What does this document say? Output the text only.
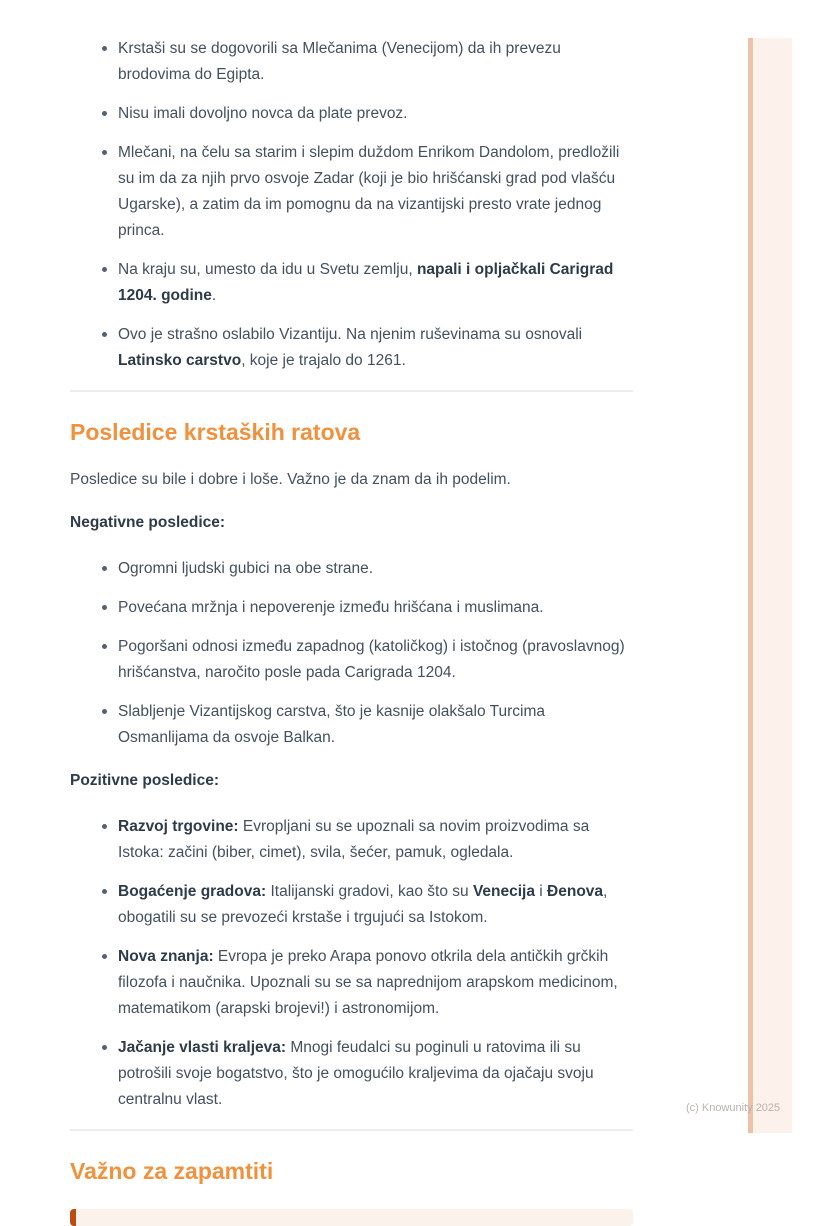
(c) Knowunity 2025
Krstaši su se dogovorili sa Mlečanima (Venecijom) da ih prevezu brodovima do Egipta.
Nisu imali dovoljno novca da plate prevoz.
Mlečani, na čelu sa starim i slepim duždom Enrikom Dandolom, predložili su im da za njih prvo osvoje Zadar (koji je bio hrišćanski grad pod vlašću Ugarske), a zatim da im pomognu da na vizantijski presto vrate jednog princa.
Na kraju su, umesto da idu u Svetu zemlju, napali i opljačkali Carigrad 1204. godine.
Ovo je strašno oslabilo Vizantiju. Na njenim ruševinama su osnovali Latinsko carstvo, koje je trajalo do 1261.
Posledice krstaških ratova

Posledice su bile i dobre i loše. Važno je da znam da ih podelim.

Negativne posledice:
Ogromni ljudski gubici na obe strane.
Povećana mržnja i nepoverenje između hrišćana i muslimana.
Pogoršani odnosi između zapadnog (katoličkog) i istočnog (pravoslavnog) hrišćanstva, naročito posle pada Carigrada 1204.
Slabljenje Vizantijskog carstva, što je kasnije olakšalo Turcima Osmanlijama da osvoje Balkan.
Pozitivne posledice:
Razvoj trgovine: Evropljani su se upoznali sa novim proizvodima sa Istoka: začini (biber, cimet), svila, šećer, pamuk, ogledala.
Bogaćenje gradova: Italijanski gradovi, kao što su Venecija i Đenova, obogatili su se prevozeći krstaše i trgujući sa Istokom.
Nova znanja: Evropa je preko Arapa ponovo otkrila dela antičkih grčkih filozofa i naučnika. Upoznali su se sa naprednijom arapskom medicinom, matematikom (arapski brojevi!) i astronomijom.
Jačanje vlasti kraljeva: Mnogi feudalci su poginuli u ratovima ili su potrošili svoje bogatstvo, što je omogućilo kraljevima da ojačaju svoju centralnu vlast.
Važno za zapamtiti
